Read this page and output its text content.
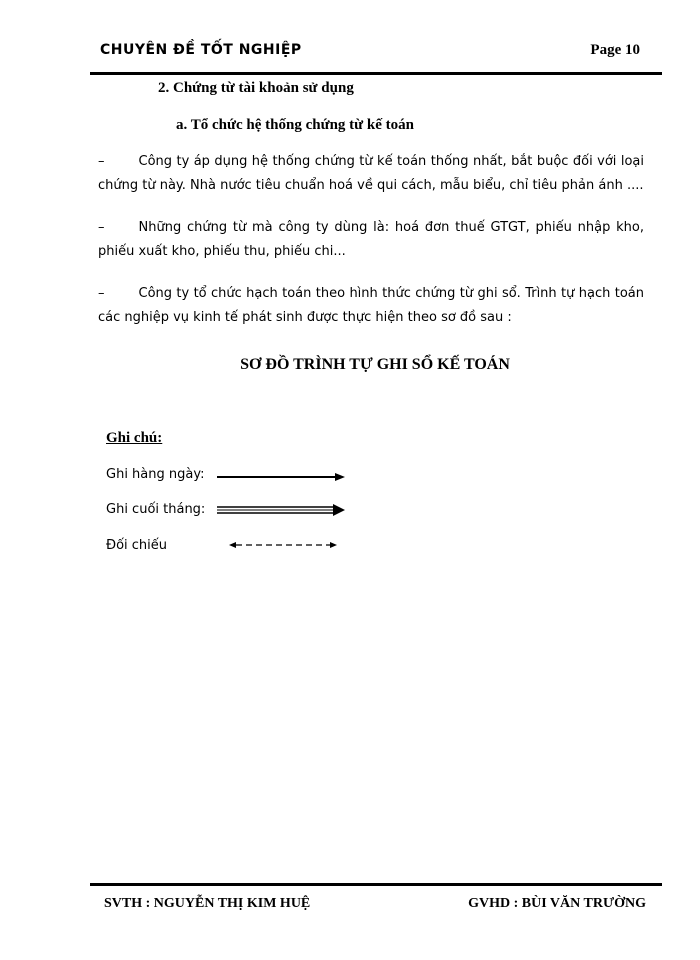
CHUYÊN ĐỀ TỐT NGHIỆP	Page 10
2. Chứng từ tài khoản sử dụng
a. Tổ chức hệ thống chứng từ kế toán
–	Công ty áp dụng hệ thống chứng từ kế toán thống nhất, bắt buộc đối với loại chứng từ này. Nhà nước tiêu chuẩn hoá về qui cách, mẫu biểu, chỉ tiêu phản ánh ....
–	Những chứng từ mà công ty dùng là: hoá đơn thuế GTGT, phiếu nhập kho, phiếu xuất kho, phiếu thu, phiếu chi...
–	Công ty tổ chức hạch toán theo hình thức chứng từ ghi sổ. Trình tự hạch toán các nghiệp vụ kinh tế phát sinh được thực hiện theo sơ đồ sau :
SƠ ĐỒ TRÌNH TỰ GHI SỔ KẾ TOÁN
Ghi chú:
Ghi hàng ngày:
Ghi cuối tháng:
Đối chiếu
SVTH : NGUYỄN THỊ KIM HUỆ	GVHD : BÙI VĂN TRƯỜNG
